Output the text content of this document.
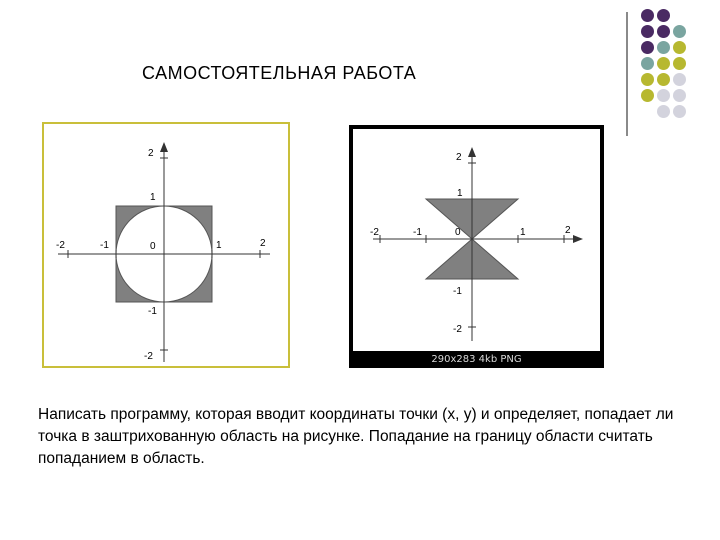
САМОСТОЯТЕЛЬНАЯ РАБОТА
2
1
0
-1
-2
-2	-1	1	2
2
1
0
-1
-2
-2	-1	1	2
290x283 4kb PNG
Написать программу, которая вводит координаты точки (x, y) и определяет, попадает ли точка в заштрихованную область на рисунке. Попадание на границу области считать попаданием в область.
